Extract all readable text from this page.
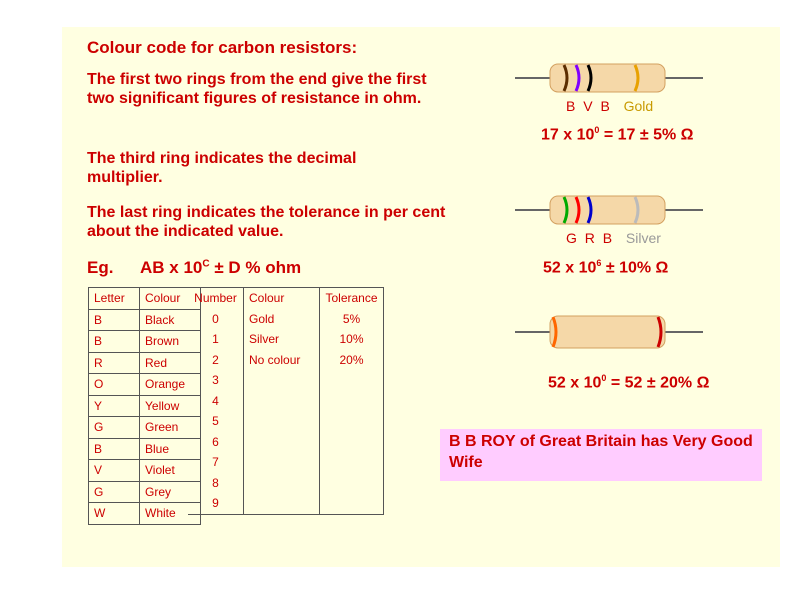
Colour code for carbon resistors:
The first two rings from the end give the first two significant figures of resistance in ohm.
The third ring indicates the decimal multiplier.
The last ring indicates the tolerance in per cent about the indicated value.
Eg. AB x $10^C \pm D$ % ohm
Letter	Colour
B	Black
B	Brown
R	Red
O	Orange
Y	Yellow
G	Green
B	Blue
V	Violet
G	Grey
W	White
Number	Colour	Tolerance
0	Gold	5%
1	Silver	10%
2	No colour	20%
3		
4		
5		
6		
7		
8		
9		
B V B Gold
17 x $10^0 = 17 \pm 5\%$ Ω
G R B Silver
52 x $10^6 \pm 10\%$ Ω
52 x $10^0 = 52 \pm 20\%$ Ω
B B ROY of Great Britain has Very Good Wife
